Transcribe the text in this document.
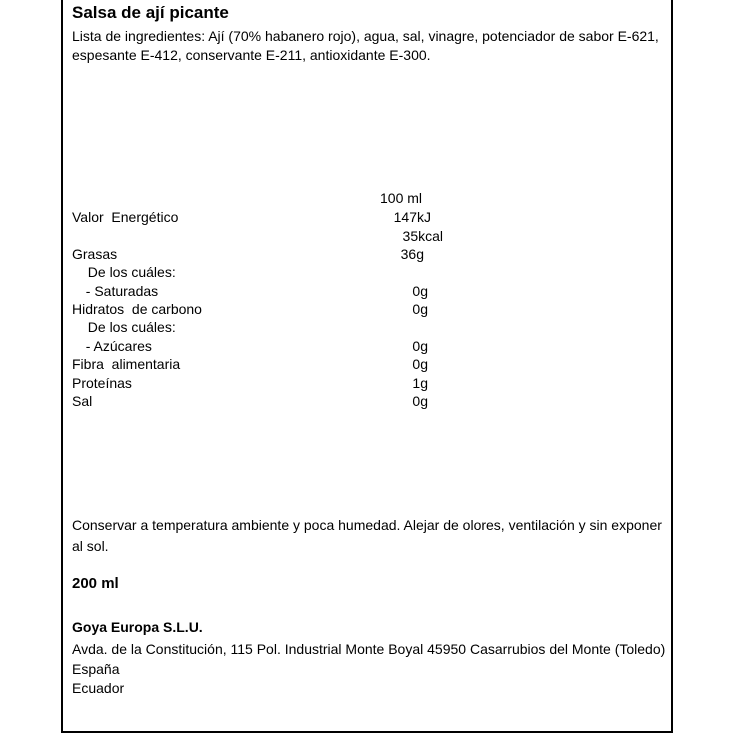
Salsa de ají picante
Lista de ingredientes: Ají (70% habanero rojo), agua, sal, vinagre, potenciador de sabor E-621, espesante E-412, conservante E-211, antioxidante E-300.
100 ml
Valor  Energético	147kJ
35kcal
Grasas	36g
De los cuáles:
- Saturadas	0g
Hidratos  de carbono	0g
De los cuáles:
- Azúcares	0g
Fibra  alimentaria	0g
Proteínas	1g
Sal	0g
Conservar a temperatura ambiente y poca humedad. Alejar de olores, ventilación y sin exponer al sol.
200 ml
Goya Europa S.L.U.
Avda. de la Constitución, 115 Pol. Industrial Monte Boyal 45950 Casarrubios del Monte (Toledo) España
Ecuador
